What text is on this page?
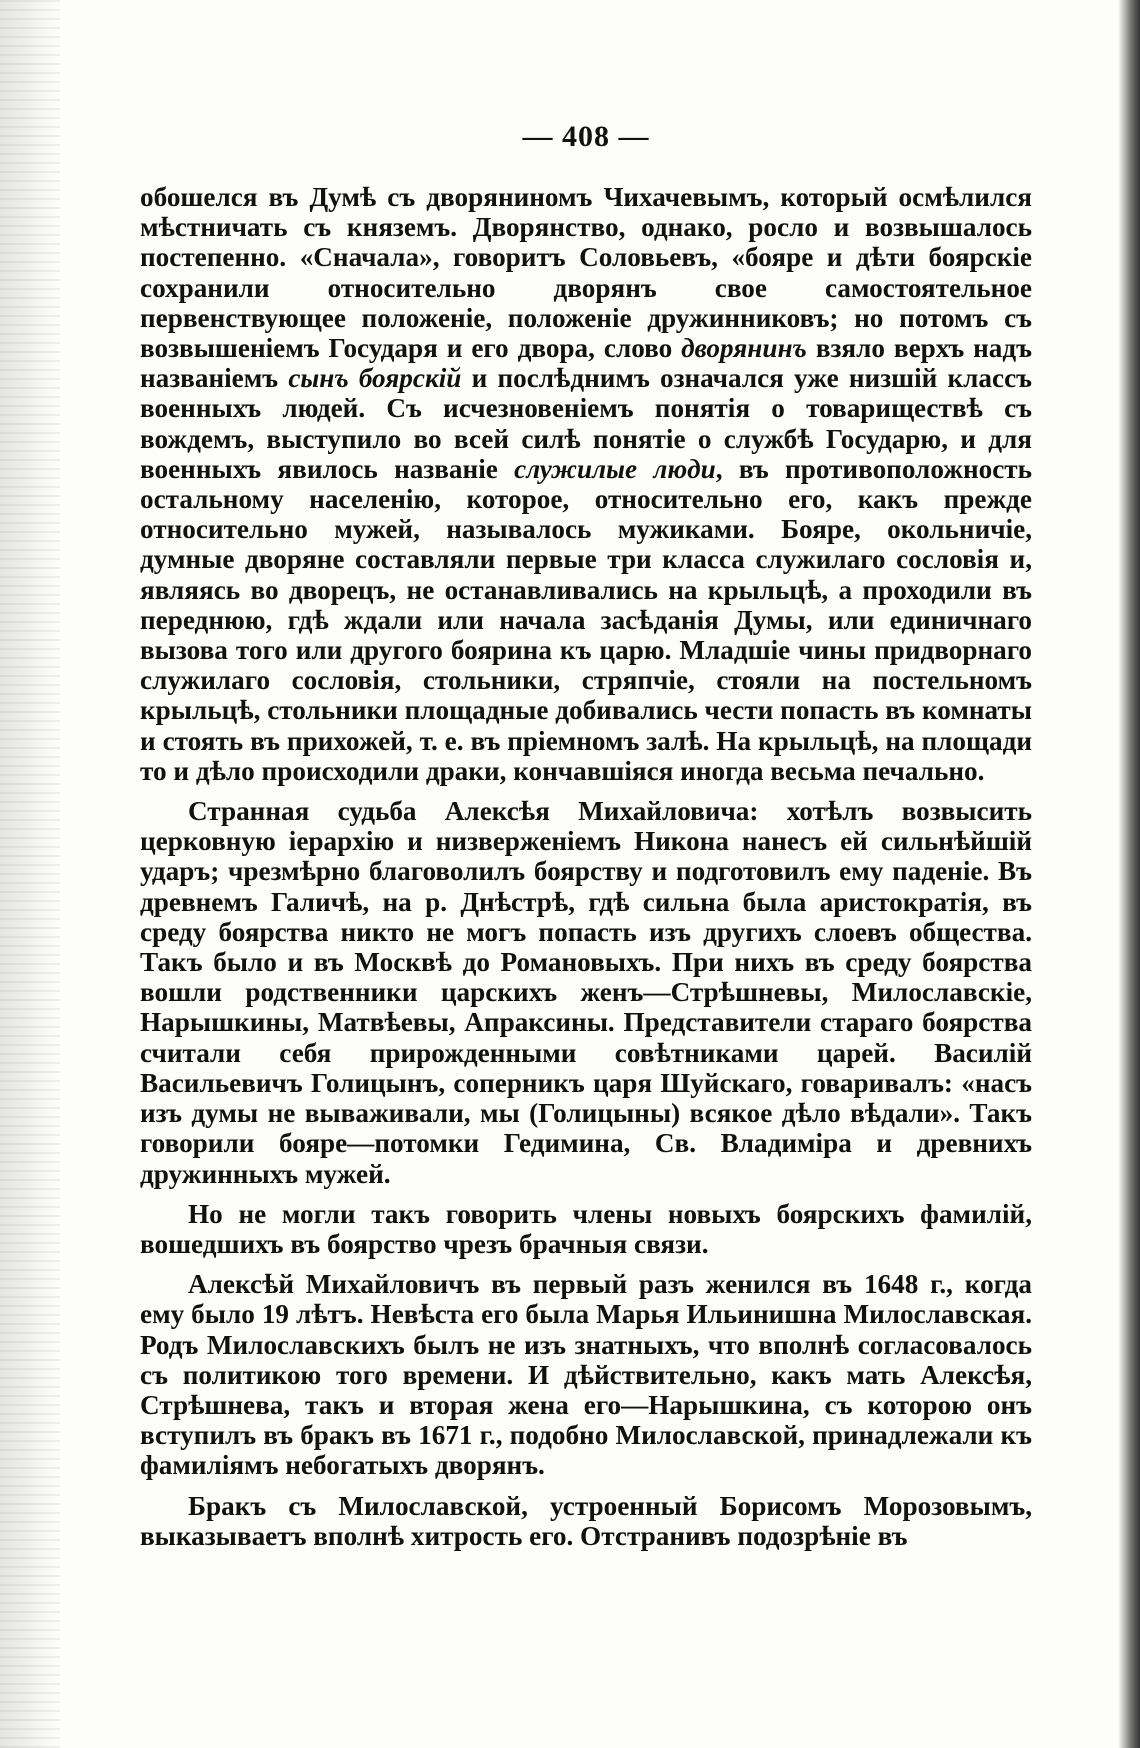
— 408 —

обошелся въ Думѣ съ дворяниномъ Чихачевымъ, который осмѣлился мѣстничать съ княземъ. Дворянство, однако, росло и возвышалось постепенно. «Сначала», говоритъ Соловьевъ, «бояре и дѣти боярскіе сохранили относительно дворянъ свое самостоятельное первенствующее положеніе, положеніе дружинниковъ; но потомъ съ возвышеніемъ Государя и его двора, слово дворянинъ взяло верхъ надъ названіемъ сынъ боярскій и послѣднимъ означался уже низшій классъ военныхъ людей. Съ исчезновеніемъ понятія о товариществѣ съ вождемъ, выступило во всей силѣ понятіе о службѣ Государю, и для военныхъ явилось названіе служилые люди, въ противоположность остальному населенію, которое, относительно его, какъ прежде относительно мужей, называлось мужиками. Бояре, окольничіе, думные дворяне составляли первые три класса служилаго сословія и, являясь во дворецъ, не останавливались на крыльцѣ, а проходили въ переднюю, гдѣ ждали или начала засѣданія Думы, или единичнаго вызова того или другого боярина къ царю. Младшіе чины придворнаго служилаго сословія, стольники, стряпчіе, стояли на постельномъ крыльцѣ, стольники площадные добивались чести попасть въ комнаты и стоять въ прихожей, т. е. въ пріемномъ залѣ. На крыльцѣ, на площади то и дѣло происходили драки, кончавшіяся иногда весьма печально.

Странная судьба Алексѣя Михайловича: хотѣлъ возвысить церковную іерархію и низверженіемъ Никона нанесъ ей сильнѣйшій ударъ; чрезмѣрно благоволилъ боярству и подготовилъ ему паденіе. Въ древнемъ Галичѣ, на р. Днѣстрѣ, гдѣ сильна была аристократія, въ среду боярства никто не могъ попасть изъ другихъ слоевъ общества. Такъ было и въ Москвѣ до Романовыхъ. При нихъ въ среду боярства вошли родственники царскихъ женъ—Стрѣшневы, Милославскіе, Нарышкины, Матвѣевы, Апраксины. Представители стараго боярства считали себя прирожденными совѣтниками царей. Василій Васильевичъ Голицынъ, соперникъ царя Шуйскаго, говаривалъ: «насъ изъ думы не вываживали, мы (Голицыны) всякое дѣло вѣдали». Такъ говорили бояре—потомки Гедимина, Св. Владиміра и древнихъ дружинныхъ мужей.

Но не могли такъ говорить члены новыхъ боярскихъ фамилій, вошедшихъ въ боярство чрезъ брачныя связи.

Алексѣй Михайловичъ въ первый разъ женился въ 1648 г., когда ему было 19 лѣтъ. Невѣста его была Марья Ильинишна Милославская. Родъ Милославскихъ былъ не изъ знатныхъ, что вполнѣ согласовалось съ политикою того времени. И дѣйствительно, какъ мать Алексѣя, Стрѣшнева, такъ и вторая жена его—Нарышкина, съ которою онъ вступилъ въ бракъ въ 1671 г., подобно Милославской, принадлежали къ фамиліямъ небогатыхъ дворянъ.

Бракъ съ Милославской, устроенный Борисомъ Морозовымъ, выказываетъ вполнѣ хитрость его. Отстранивъ подозрѣніе въ
